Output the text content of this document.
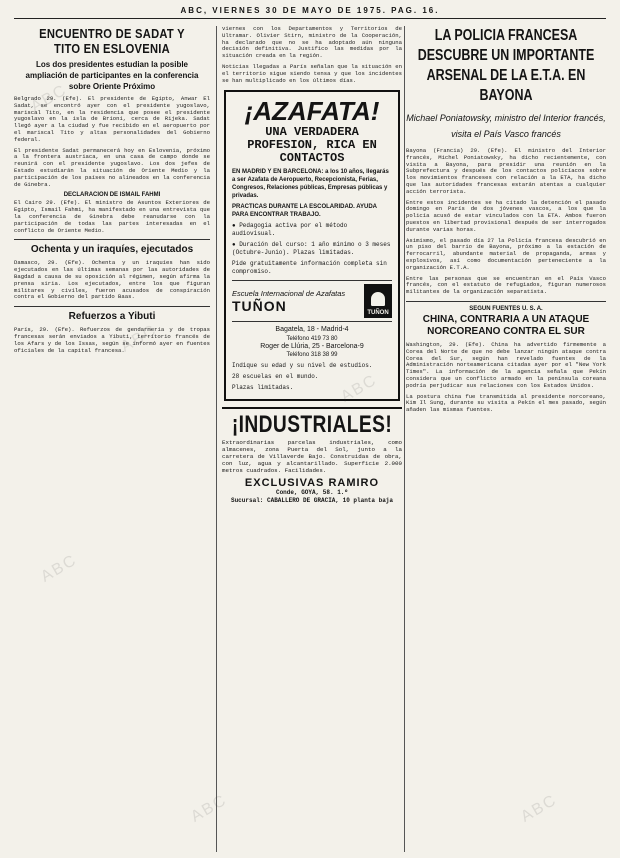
ABC, VIERNES 30 DE MAYO DE 1975. PAG. 16.
ENCUENTRO DE SADAT Y TITO EN ESLOVENIA
Los dos presidentes estudian la posible ampliación de participantes en la conferencia sobre Oriente Próximo

Belgrado 29. (Efe). El presidente de Egipto, Anwar El Sadat, se encontró ayer con el presidente yugoslavo, mariscal Tito, en la residencia que posee el presidente yugoslavo en la isla de Brioni, cerca de Rijeka. Sadat llegó ayer a la ciudad y fue recibido en el aeropuerto por el mariscal Tito y altas personalidades del Gobierno federal.

El presidente Sadat permanecerá hoy en Eslovenia, próximo a la frontera austriaca, en una casa de campo donde se reunirá con el presidente yugoslavo. Los dos jefes de Estado estudiarán la situación de Oriente Medio y la participación de los países no alineados en la conferencia de Ginebra.

DECLARACION DE ISMAIL FAHMI

El Cairo 29. (Efe). El ministro de Asuntos Exteriores de Egipto, Ismail Fahmi, ha manifestado en una entrevista que la conferencia de Ginebra debe reanudarse con la participación de todas las partes interesadas en el conflicto de Oriente Medio.

Ochenta y un iraquíes, ejecutados

Damasco, 29. (Efe). Ochenta y un iraquíes han sido ejecutados en las últimas semanas por las autoridades de Bagdad a causa de su oposición al régimen, según afirma la prensa siria. Los ejecutados, entre los que figuran militares y civiles, fueron acusados de conspiración contra el Gobierno del partido Baas.

Refuerzos a Yibuti

París, 29. (Efe). Refuerzos de gendarmería y de tropas francesas serán enviados a Yibuti, territorio francés de los Afars y de los Issas, según se informó ayer en fuentes oficiales de la capital francesa.

viernes con los Departamentos y Territorios de Ultramar. Olivier Stirn, ministro de la Cooperación, ha declarado que no se ha adoptado aún ninguna decisión definitiva. Justifico las medidas por la situación creada en la región.

Noticias llegadas a París señalan que la situación en el territorio sigue siendo tensa y que los incidentes se han multiplicado en los últimos días.

¡AZAFATA!
UNA VERDADERA PROFESION, RICA EN CONTACTOS
EN MADRID Y EN BARCELONA: a los 10 años, llegarás a ser Azafata de Aeropuerto, Recepcionista, Ferias, Congresos, Relaciones públicas, Empresas públicas y privadas.
PRACTICAS DURANTE LA ESCOLARIDAD. AYUDA PARA ENCONTRAR TRABAJO.
● Pedagogía activa por el método audiovisual.
● Duración del curso: 1 año mínimo o 3 meses (Octubre-Junio). Plazas limitadas.
Pide gratuitamente información completa sin compromiso.
Escuela Internacional de Azafatas
TUÑON	TUÑON
Bagatela, 18 - Madrid-4
Teléfono 419 73 80
Roger de Llúria, 25 - Barcelona-9
Teléfono 318 38 99
Indique su edad y su nivel de estudios.
28 escuelas en el mundo.
Plazas limitadas.
¡INDUSTRIALES!
Extraordinarias parcelas industriales, como almacenes, zona Puerta del Sol, junto a la carretera de Villaverde Bajo. Construidas de obra, con luz, agua y alcantarillado. Superficie 2.000 metros cuadrados. Facilidades.
EXCLUSIVAS RAMIRO
Conde, GOYA, 58. 1.º
Sucursal: CABALLERO DE GRACIA, 10 planta baja
LA POLICIA FRANCESA DESCUBRE UN IMPORTANTE ARSENAL DE LA E.T.A. EN BAYONA
Michael Poniatowsky, ministro del Interior francés, visita el País Vasco francés

Bayona (Francia) 29. (Efe). El ministro del Interior francés, Michel Poniatowsky, ha dicho recientemente, con visita a Bayona, para presidir una reunión en la Subprefectura y después de los contactos policíacos sobre los movimientos franceses con relación a la ETA, ha dicho que las autoridades francesas estarán atentas a cualquier acción terrorista.

Entre estos incidentes se ha citado la detención el pasado domingo en París de dos jóvenes vascos, a los que la policía acusó de estar vinculados con la ETA. Ambos fueron puestos en libertad provisional después de ser interrogados durante varias horas.

Asimismo, el pasado día 27 la Policía francesa descubrió en un piso del barrio de Bayona, próximo a la estación de ferrocarril, abundante material de propaganda, armas y explosivos, así como documentación perteneciente a la organización E.T.A.

Entre las personas que se encuentran en el País Vasco francés, con el estatuto de refugiados, figuran numerosos militantes de la organización separatista.

SEGUN FUENTES U. S. A.
CHINA, CONTRARIA A UN ATAQUE NORCOREANO CONTRA EL SUR

Washington, 29. (Efe). China ha advertido firmemente a Corea del Norte de que no debe lanzar ningún ataque contra Corea del Sur, según han revelado fuentes de la Administración norteamericana citadas ayer por el "New York Times". La información de la agencia señala que Pekín considera que un conflicto armado en la península coreana podría perjudicar sus relaciones con los Estados Unidos.

La postura china fue transmitida al presidente norcoreano, Kim Il Sung, durante su visita a Pekín el mes pasado, según añaden las mismas fuentes.

ABC
ABC
ABC
ABC
ABC	ABC
